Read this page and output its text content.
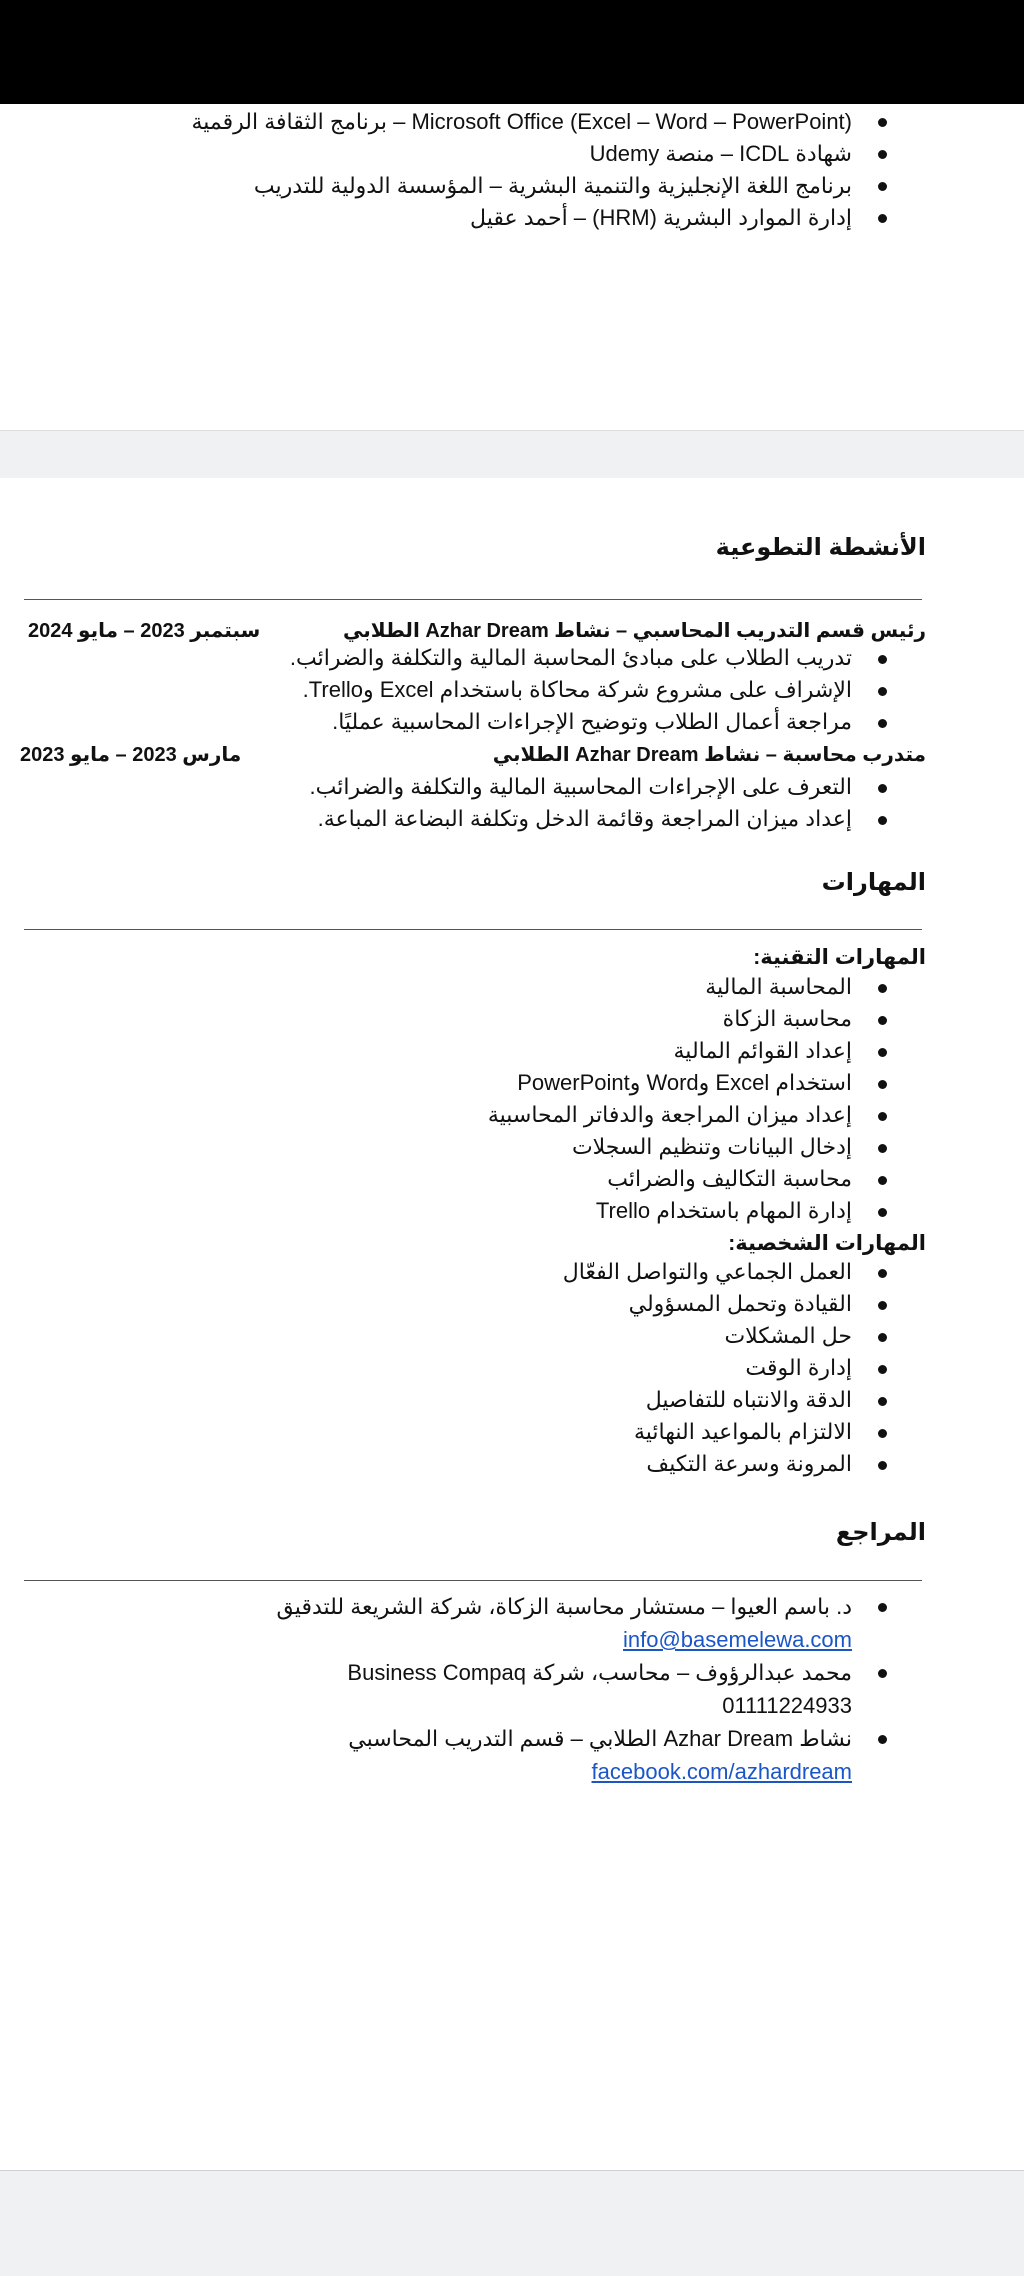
Microsoft Office (Excel – Word – PowerPoint) – برنامج الثقافة الرقمية
شهادة ICDL – منصة Udemy
برنامج اللغة الإنجليزية والتنمية البشرية – المؤسسة الدولية للتدريب
إدارة الموارد البشرية (HRM) – أحمد عقيل
الأنشطة التطوعية
رئيس قسم التدريب المحاسبي – نشاط Azhar Dream الطلابي
سبتمبر 2023 – مايو 2024
تدريب الطلاب على مبادئ المحاسبة المالية والتكلفة والضرائب.
الإشراف على مشروع شركة محاكاة باستخدام Excel وTrello.
مراجعة أعمال الطلاب وتوضيح الإجراءات المحاسبية عمليًا.
متدرب محاسبة – نشاط Azhar Dream الطلابي
مارس 2023 – مايو 2023
التعرف على الإجراءات المحاسبية المالية والتكلفة والضرائب.
إعداد ميزان المراجعة وقائمة الدخل وتكلفة البضاعة المباعة.
المهارات
المهارات التقنية:
المحاسبة المالية
محاسبة الزكاة
إعداد القوائم المالية
استخدام Excel وWord وPowerPoint
إعداد ميزان المراجعة والدفاتر المحاسبية
إدخال البيانات وتنظيم السجلات
محاسبة التكاليف والضرائب
إدارة المهام باستخدام Trello
المهارات الشخصية:
العمل الجماعي والتواصل الفعّال
القيادة وتحمل المسؤولي
حل المشكلات
إدارة الوقت
الدقة والانتباه للتفاصيل
الالتزام بالمواعيد النهائية
المرونة وسرعة التكيف
المراجع
د. باسم العيوا – مستشار محاسبة الزكاة، شركة الشريعة للتدقيق
info@basemelewa.com
محمد عبدالرؤوف – محاسب، شركة Business Compaq
01111224933
نشاط Azhar Dream الطلابي – قسم التدريب المحاسبي
facebook.com/azhardream
